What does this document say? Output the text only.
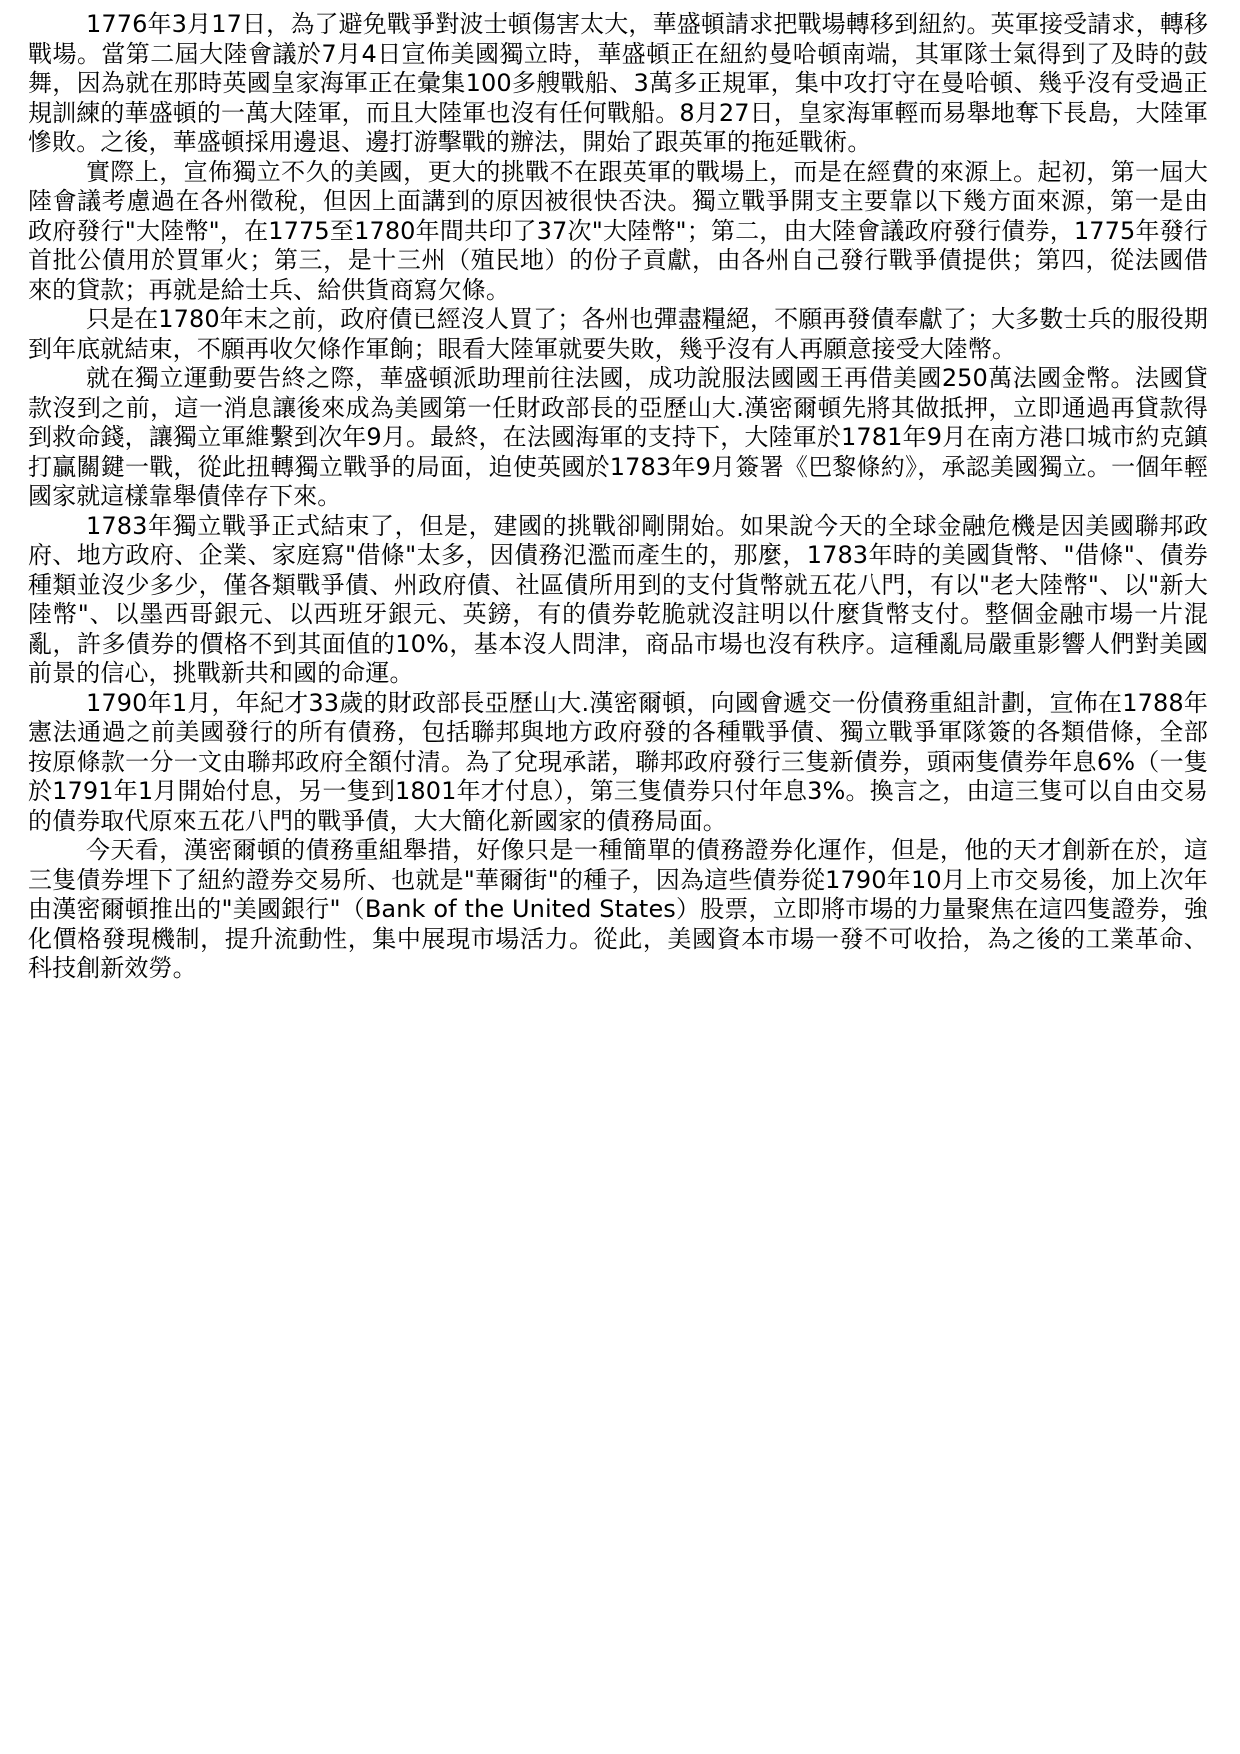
1776年3月17日，為了避免戰爭對波士頓傷害太大，華盛頓請求把戰場轉移到紐約。英軍接受請求，轉移戰場。當第二屆大陸會議於7月4日宣佈美國獨立時，華盛頓正在紐約曼哈頓南端，其軍隊士氣得到了及時的鼓舞，因為就在那時英國皇家海軍正在彙集100多艘戰船、3萬多正規軍，集中攻打守在曼哈頓、幾乎沒有受過正規訓練的華盛頓的一萬大陸軍，而且大陸軍也沒有任何戰船。8月27日，皇家海軍輕而易舉地奪下長島，大陸軍慘敗。之後，華盛頓採用邊退、邊打游擊戰的辦法，開始了跟英軍的拖延戰術。

實際上，宣佈獨立不久的美國，更大的挑戰不在跟英軍的戰場上，而是在經費的來源上。起初，第一屆大陸會議考慮過在各州徵稅，但因上面講到的原因被很快否決。獨立戰爭開支主要靠以下幾方面來源，第一是由政府發行"大陸幣"，在1775至1780年間共印了37次"大陸幣"；第二，由大陸會議政府發行債券，1775年發行首批公債用於買軍火；第三，是十三州（殖民地）的份子貢獻，由各州自己發行戰爭債提供；第四，從法國借來的貸款；再就是給士兵、給供貨商寫欠條。

只是在1780年末之前，政府債已經沒人買了；各州也彈盡糧絕，不願再發債奉獻了；大多數士兵的服役期到年底就結束，不願再收欠條作軍餉；眼看大陸軍就要失敗，幾乎沒有人再願意接受大陸幣。

就在獨立運動要告終之際，華盛頓派助理前往法國，成功說服法國國王再借美國250萬法國金幣。法國貸款沒到之前，這一消息讓後來成為美國第一任財政部長的亞歷山大.漢密爾頓先將其做抵押，立即通過再貸款得到救命錢，讓獨立軍維繫到次年9月。最終，在法國海軍的支持下，大陸軍於1781年9月在南方港口城市約克鎮打贏關鍵一戰，從此扭轉獨立戰爭的局面，迫使英國於1783年9月簽署《巴黎條約》，承認美國獨立。一個年輕國家就這樣靠舉債倖存下來。

1783年獨立戰爭正式結束了，但是，建國的挑戰卻剛開始。如果說今天的全球金融危機是因美國聯邦政府、地方政府、企業、家庭寫"借條"太多，因債務氾濫而產生的，那麼，1783年時的美國貨幣、"借條"、債券種類並沒少多少，僅各類戰爭債、州政府債、社區債所用到的支付貨幣就五花八門，有以"老大陸幣"、以"新大陸幣"、以墨西哥銀元、以西班牙銀元、英鎊，有的債券乾脆就沒註明以什麼貨幣支付。整個金融市場一片混亂，許多債券的價格不到其面值的10%，基本沒人問津，商品市場也沒有秩序。這種亂局嚴重影響人們對美國前景的信心，挑戰新共和國的命運。

1790年1月，年紀才33歲的財政部長亞歷山大.漢密爾頓，向國會遞交一份債務重組計劃，宣佈在1788年憲法通過之前美國發行的所有債務，包括聯邦與地方政府發的各種戰爭債、獨立戰爭軍隊簽的各類借條，全部按原條款一分一文由聯邦政府全額付清。為了兌現承諾，聯邦政府發行三隻新債券，頭兩隻債券年息6%（一隻於1791年1月開始付息，另一隻到1801年才付息），第三隻債券只付年息3%。換言之，由這三隻可以自由交易的債券取代原來五花八門的戰爭債，大大簡化新國家的債務局面。

今天看，漢密爾頓的債務重組舉措，好像只是一種簡單的債務證券化運作，但是，他的天才創新在於，這三隻債券埋下了紐約證券交易所、也就是"華爾街"的種子，因為這些債券從1790年10月上市交易後，加上次年由漢密爾頓推出的"美國銀行"（Bank of the United States）股票，立即將市場的力量聚焦在這四隻證券，強化價格發現機制，提升流動性，集中展現市場活力。從此，美國資本市場一發不可收拾，為之後的工業革命、科技創新效勞。
